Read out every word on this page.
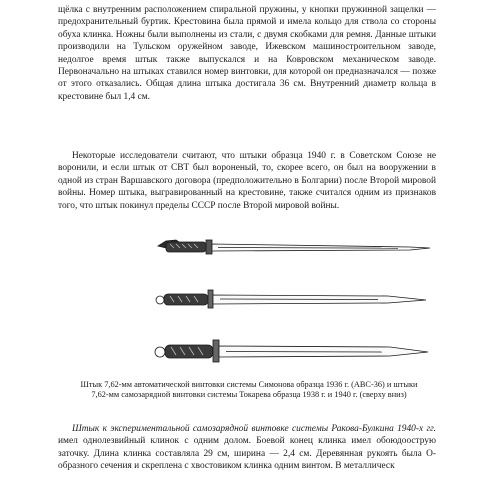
щёлка с внутренним расположением спиральной пружины, у кнопки пружинной защелки — предохранительный буртик. Крестовина была прямой и имела кольцо для ствола со стороны обуха клинка. Ножны были выполнены из стали, с двумя скобками для ремня. Данные штыки производили на Тульском оружейном заводе, Ижевском машиностроительном заводе, недолгое время штык также выпускался и на Ковровском механическом заводе. Первоначально на штыках ставился номер винтовки, для которой он предназначался — позже от этого отказались. Общая длина штыка достигала 36 см. Внутренний диаметр кольца в крестовине был 1,4 см.

Некоторые исследователи считают, что штыки образца 1940 г. в Советском Союзе не воронили, и если штык от СВТ был вороненый, то, скорее всего, он был на вооружении в одной из стран Варшавского договора (предположительно в Болгарии) после Второй мировой войны. Номер штыка, выгравированный на крестовине, также считался одним из признаков того, что штык покинул пределы СССР после Второй мировой войны.

Штык 7,62-мм автоматической винтовки системы Симонова образца 1936 г. (АВС-36) и штыки 7,62-мм самозарядной винтовки системы Токарева образца 1938 г. и 1940 г. (сверху вниз)

Штык к экспериментальной самозарядной винтовке системы Ракова-Булкина 1940-х гг. имел однолезвийный клинок с одним долом. Боевой конец клинка имел обоюдоострую заточку. Длина клинка составляла 29 см, ширина — 2,4 см. Деревянная рукоять была О-образного сечения и скреплена с хвостовиком клинка одним винтом. В металлическ
